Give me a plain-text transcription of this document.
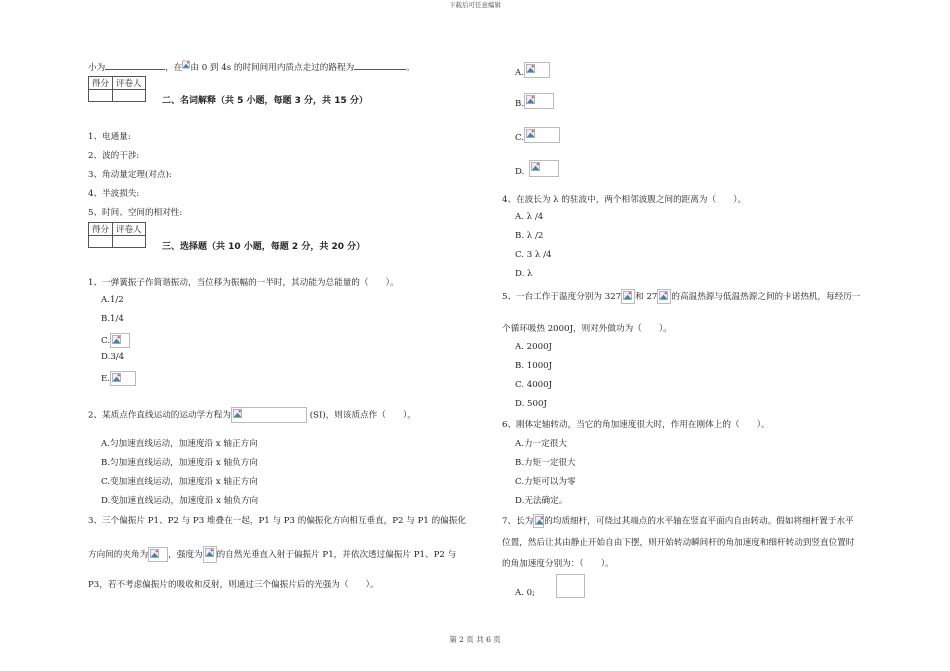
下载后可任意编辑
小为	，在 由 0 到 4s 的时间间用内质点走过的路程为	。
得分	评卷人

二、名词解释（共 5 小题，每题 3 分，共 15 分）
1、电通量:
2、波的干涉:
3、角动量定理(对点):
4、半波损失:
5、时间、空间的相对性:
得分	评卷人

三、选择题（共 10 小题，每题 2 分，共 20 分）
1、一弹簧振子作简谐振动，当位移为振幅的一半时，其动能为总能量的（　　）。
A.1/2
B.1/4
C.
D.3/4
E.
2、某质点作直线运动的运动学方程为	(SI)，则该质点作（　　）。
A.匀加速直线运动，加速度沿 x 轴正方向
B.匀加速直线运动，加速度沿 x 轴负方向
C.变加速直线运动，加速度沿 x 轴正方向
D.变加速直线运动，加速度沿 x 轴负方向
3、三个偏振片 P1、P2 与 P3 堆叠在一起，P1 与 P3 的偏振化方向相互垂直，P2 与 P1 的偏振化
方向间的夹角为 ，强度为 的自然光垂直入射于偏振片 P1，并依次透过偏振片 P1、P2 与
P3，若不考虑偏振片的吸收和反射，则通过三个偏振片后的光强为（　　）。
A.
B.
C.
D.
4、在波长为 λ 的驻波中，两个相邻波腹之间的距离为（　　）。
A. λ /4
B. λ /2
C. 3 λ /4
D. λ
5、一台工作于温度分别为 327 和 27 的高温热源与低温热源之间的卡诺热机，每经历一
个循环吸热 2000J，则对外做功为（　　）。
A. 2000J
B. 1000J
C. 4000J
D. 500J
6、刚体定轴转动，当它的角加速度很大时，作用在刚体上的（　　）。
A.力一定很大
B.力矩一定很大
C.力矩可以为零
D.无法确定。
7、长为 的均质细杆，可绕过其端点的水平轴在竖直平面内自由转动。假如将细杆置于水平
位置，然后让其由静止开始自由下摆，则开始转动瞬间杆的角加速度和细杆转动到竖直位置时
的角加速度分别为：（　　）。
A. 0;
第 2 页 共 6 页
